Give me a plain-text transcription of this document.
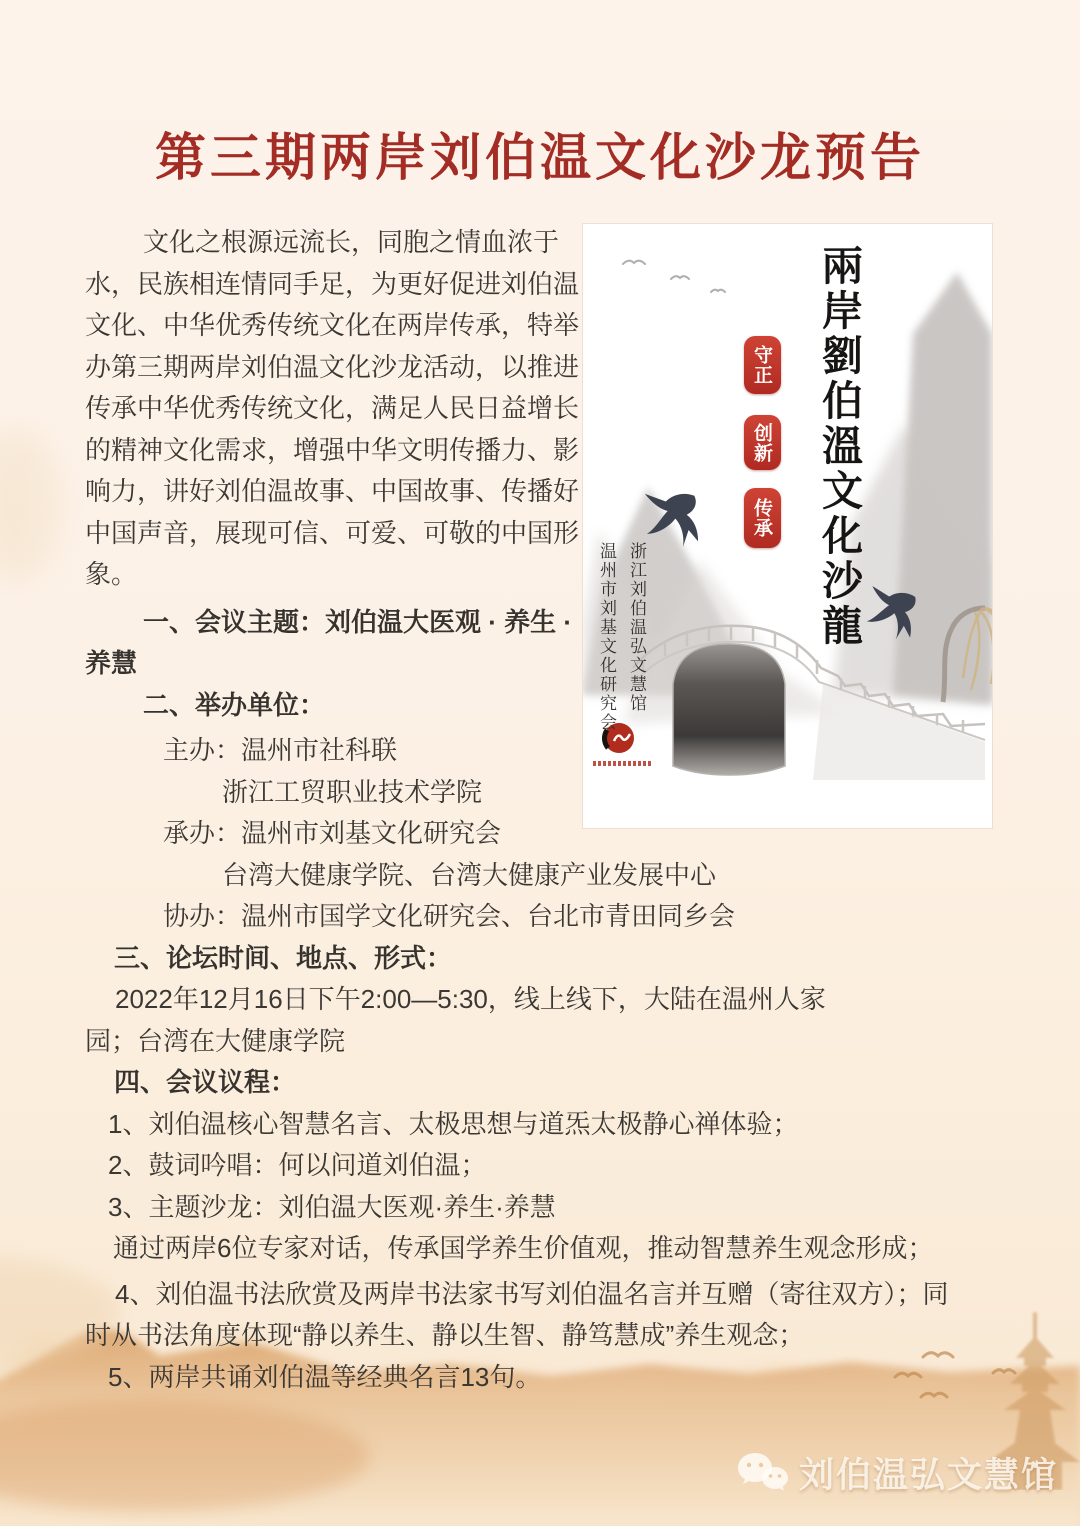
第三期两岸刘伯温文化沙龙预告
兩岸劉伯溫文化沙龍
守正
创新
传承
浙江刘伯温弘文慧馆
温州市刘基文化研究会
文化之根源远流长，同胞之情血浓于
水，民族相连情同手足，为更好促进刘伯温
文化、中华优秀传统文化在两岸传承，特举
办第三期两岸刘伯温文化沙龙活动，以推进
传承中华优秀传统文化，满足人民日益增长
的精神文化需求，增强中华文明传播力、影
响力，讲好刘伯温故事、中国故事、传播好
中国声音，展现可信、可爱、可敬的中国形
象。
一、会议主题：刘伯温大医观 · 养生 ·
养慧
二、举办单位：
主办：温州市社科联
浙江工贸职业技术学院
承办：温州市刘基文化研究会
台湾大健康学院、台湾大健康产业发展中心
协办：温州市国学文化研究会、台北市青田同乡会
三、论坛时间、地点、形式：
2022年12月16日下午2:00—5:30，线上线下，大陆在温州人家
园；台湾在大健康学院
四、会议议程：
1、刘伯温核心智慧名言、太极思想与道炁太极静心禅体验；
2、鼓词吟唱：何以问道刘伯温；
3、主题沙龙：刘伯温大医观·养生·养慧
通过两岸6位专家对话，传承国学养生价值观，推动智慧养生观念形成；
4、刘伯温书法欣赏及两岸书法家书写刘伯温名言并互赠（寄往双方）；同
时从书法角度体现“静以养生、静以生智、静笃慧成”养生观念；
5、两岸共诵刘伯温等经典名言13句。
刘伯温弘文慧馆
